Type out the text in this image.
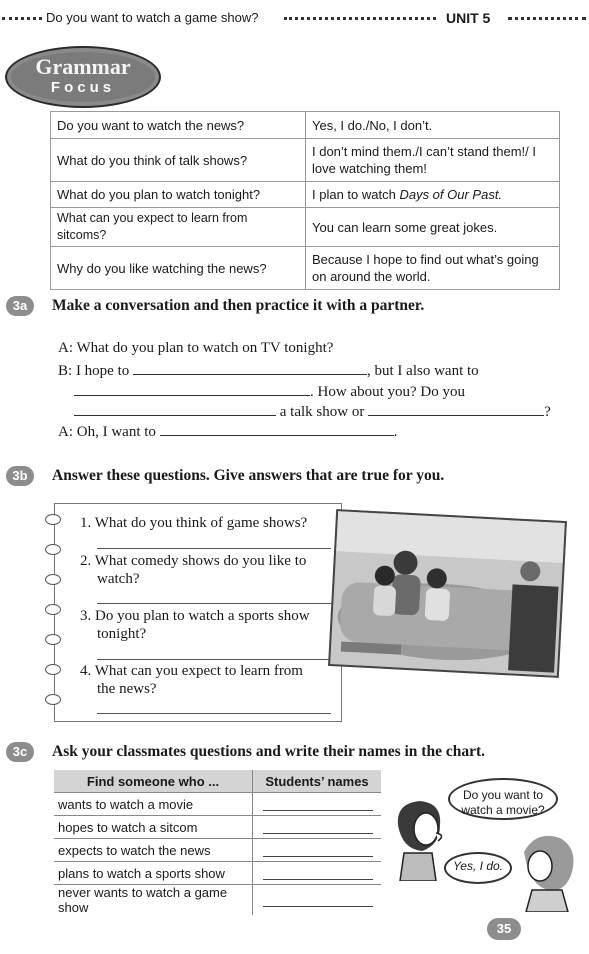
Do you want to watch a game show?	UNIT 5
Grammar
Focus
Do you want to watch the news?	Yes, I do./No, I don’t.
What do you think of talk shows?	I don’t mind them./I can’t stand them!/ I love watching them!
What do you plan to watch tonight?	I plan to watch Days of Our Past.
What can you expect to learn from sitcoms?	You can learn some great jokes.
Why do you like watching the news?	Because I hope to find out what’s going on around the world.
3a	Make a conversation and then practice it with a partner.
A: What do you plan to watch on TV tonight?
B: I hope to	, but I also want to
. How about you? Do you
a talk show or	?
A: Oh, I want to	.
3b	Answer these questions. Give answers that are true for you.
1. What do you think of game shows?
2. What comedy shows do you like to
watch?
3. Do you plan to watch a sports show
tonight?
4. What can you expect to learn from
the news?
3c	Ask your classmates questions and write their names in the chart.
Find someone who ...	Students’ names
wants to watch a movie	

hopes to watch a sitcom	

expects to watch the news	

plans to watch a sports show	

never wants to watch a game show	
Do you want to watch a movie?
Yes, I do.
35
